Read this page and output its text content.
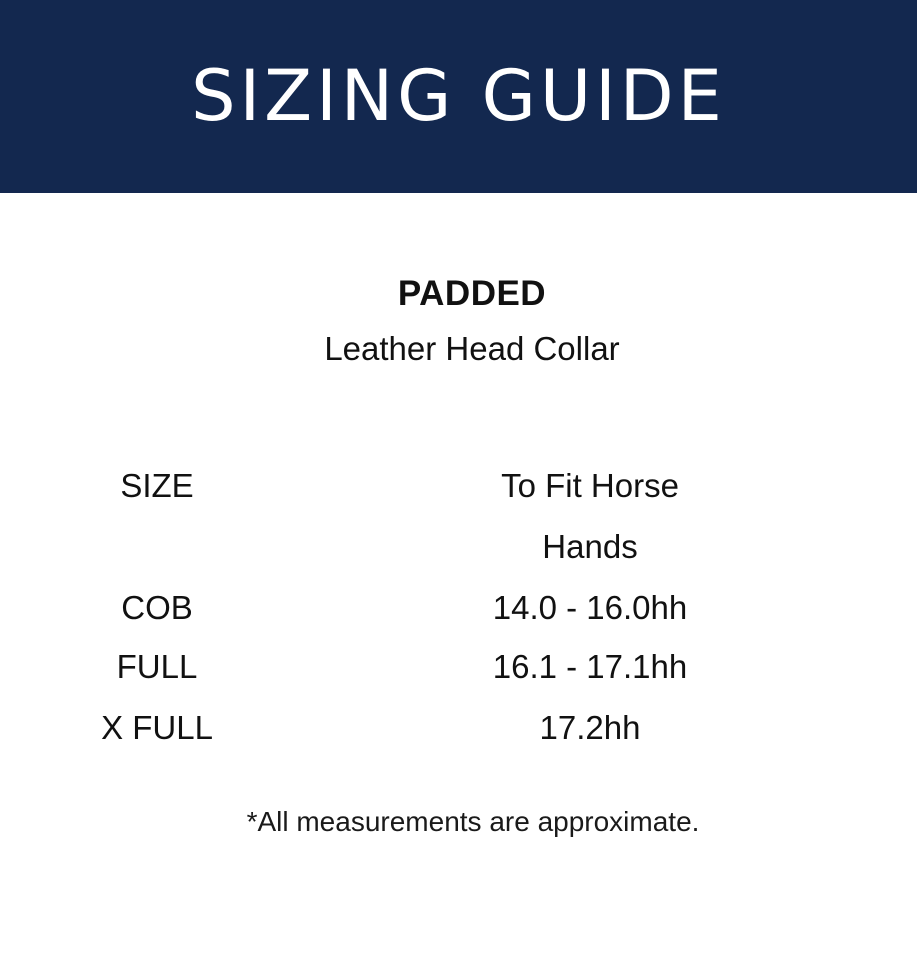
SIZING GUIDE
PADDED
Leather Head Collar
SIZE	To Fit Horse
Hands
COB	14.0 - 16.0hh
FULL	16.1 - 17.1hh
X FULL	17.2hh
*All measurements are approximate.
